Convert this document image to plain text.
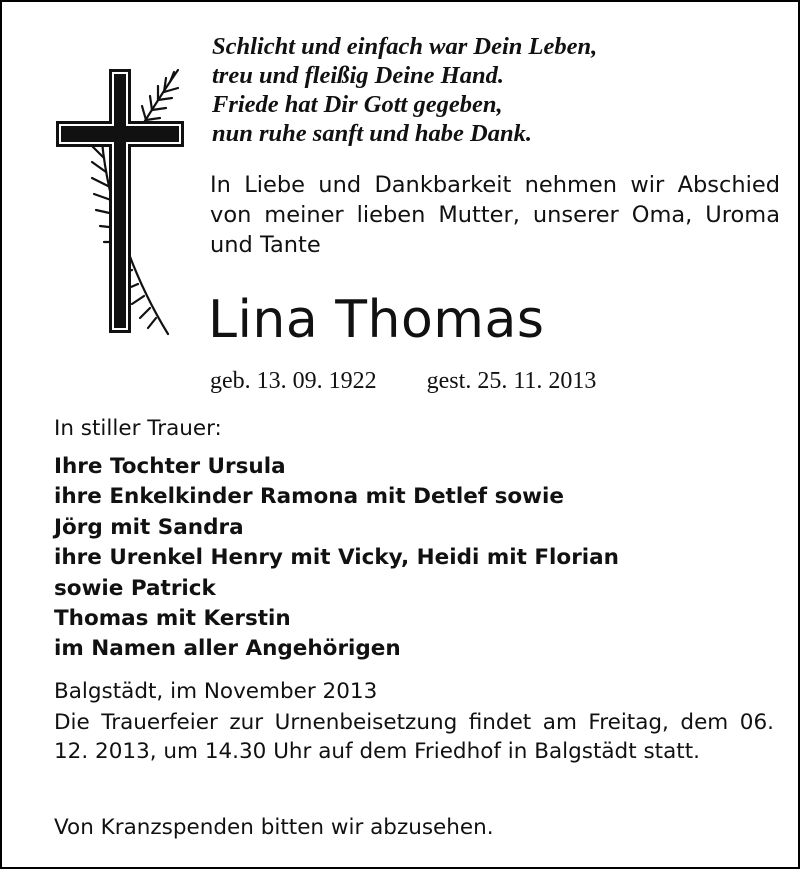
Schlicht und einfach war Dein Leben,
treu und fleißig Deine Hand.
Friede hat Dir Gott gegeben,
nun ruhe sanft und habe Dank.

In Liebe und Dankbarkeit nehmen wir Abschied von meiner lieben Mutter, unserer Oma, Uroma und Tante

Lina Thomas
geb. 13. 09. 1922 gest. 25. 11. 2013
In stiller Trauer:
Ihre Tochter Ursula
ihre Enkelkinder Ramona mit Detlef sowie
Jörg mit Sandra
ihre Urenkel Henry mit Vicky, Heidi mit Florian
sowie Patrick
Thomas mit Kerstin
im Namen aller Angehörigen
Balgstädt, im November 2013

Die Trauerfeier zur Urnenbeisetzung findet am Freitag, dem 06. 12. 2013, um 14.30 Uhr auf dem Friedhof in Balgstädt statt.

Von Kranzspenden bitten wir abzusehen.
